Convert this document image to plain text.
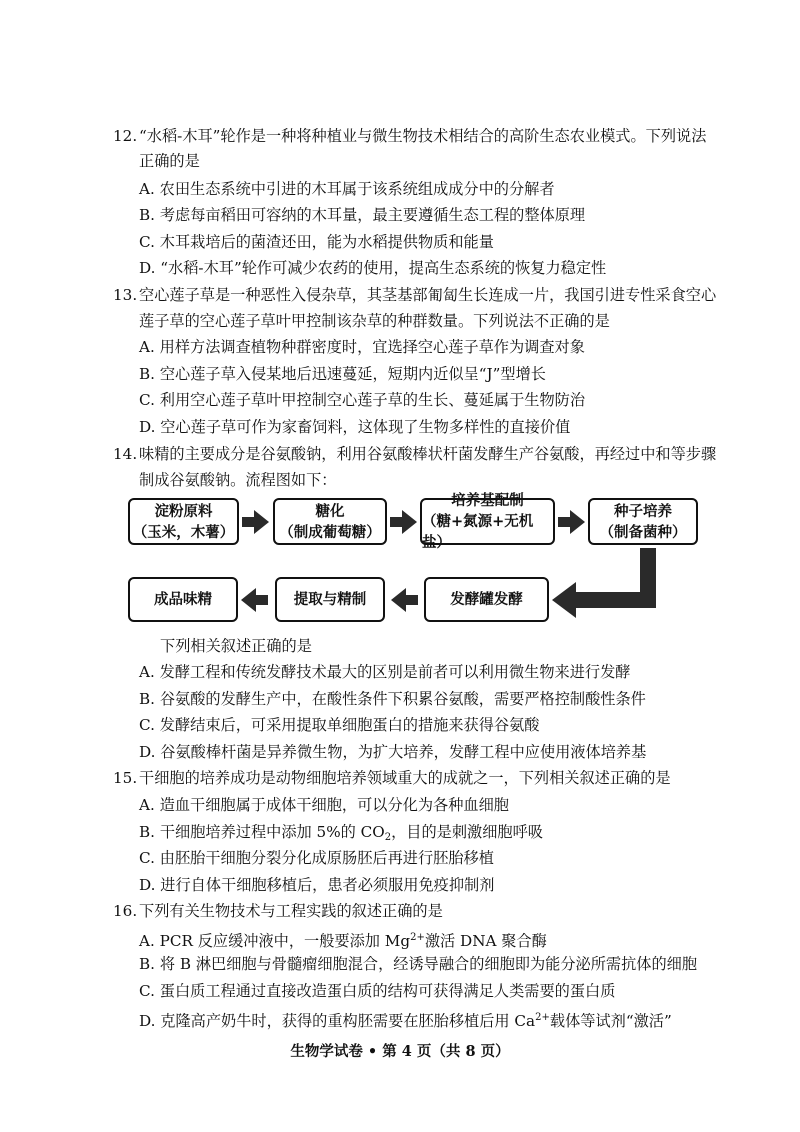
12. “水稻-木耳”轮作是一种将种植业与微生物技术相结合的高阶生态农业模式。下列说法
正确的是
A. 农田生态系统中引进的木耳属于该系统组成成分中的分解者
B. 考虑每亩稻田可容纳的木耳量，最主要遵循生态工程的整体原理
C. 木耳栽培后的菌渣还田，能为水稻提供物质和能量
D. “水稻-木耳”轮作可减少农药的使用，提高生态系统的恢复力稳定性
13. 空心莲子草是一种恶性入侵杂草，其茎基部匍匐生长连成一片，我国引进专性采食空心
莲子草的空心莲子草叶甲控制该杂草的种群数量。下列说法不正确的是
A. 用样方法调查植物种群密度时，宜选择空心莲子草作为调查对象
B. 空心莲子草入侵某地后迅速蔓延，短期内近似呈“J”型增长
C. 利用空心莲子草叶甲控制空心莲子草的生长、蔓延属于生物防治
D. 空心莲子草可作为家畜饲料，这体现了生物多样性的直接价值
14. 味精的主要成分是谷氨酸钠，利用谷氨酸棒状杆菌发酵生产谷氨酸，再经过中和等步骤
制成谷氨酸钠。流程图如下：
淀粉原料
（玉米，木薯）
糖化
（制成葡萄糖）
培养基配制
（糖+氮源+无机盐）
种子培养
（制备菌种）
成品味精	提取与精制	发酵罐发酵
下列相关叙述正确的是
A. 发酵工程和传统发酵技术最大的区别是前者可以利用微生物来进行发酵
B. 谷氨酸的发酵生产中，在酸性条件下积累谷氨酸，需要严格控制酸性条件
C. 发酵结束后，可采用提取单细胞蛋白的措施来获得谷氨酸
D. 谷氨酸棒杆菌是异养微生物，为扩大培养，发酵工程中应使用液体培养基
15. 干细胞的培养成功是动物细胞培养领域重大的成就之一，下列相关叙述正确的是
A. 造血干细胞属于成体干细胞，可以分化为各种血细胞
B. 干细胞培养过程中添加 5%的 $CO_2$，目的是刺激细胞呼吸
C. 由胚胎干细胞分裂分化成原肠胚后再进行胚胎移植
D. 进行自体干细胞移植后，患者必须服用免疫抑制剂
16. 下列有关生物技术与工程实践的叙述正确的是
A. PCR 反应缓冲液中，一般要添加 $Mg^{2+}$激活 DNA 聚合酶
B. 将 B 淋巴细胞与骨髓瘤细胞混合，经诱导融合的细胞即为能分泌所需抗体的细胞
C. 蛋白质工程通过直接改造蛋白质的结构可获得满足人类需要的蛋白质
D. 克隆高产奶牛时，获得的重构胚需要在胚胎移植后用 $Ca^{2+}$载体等试剂“激活”
生物学试卷 • 第 4 页（共 8 页）
